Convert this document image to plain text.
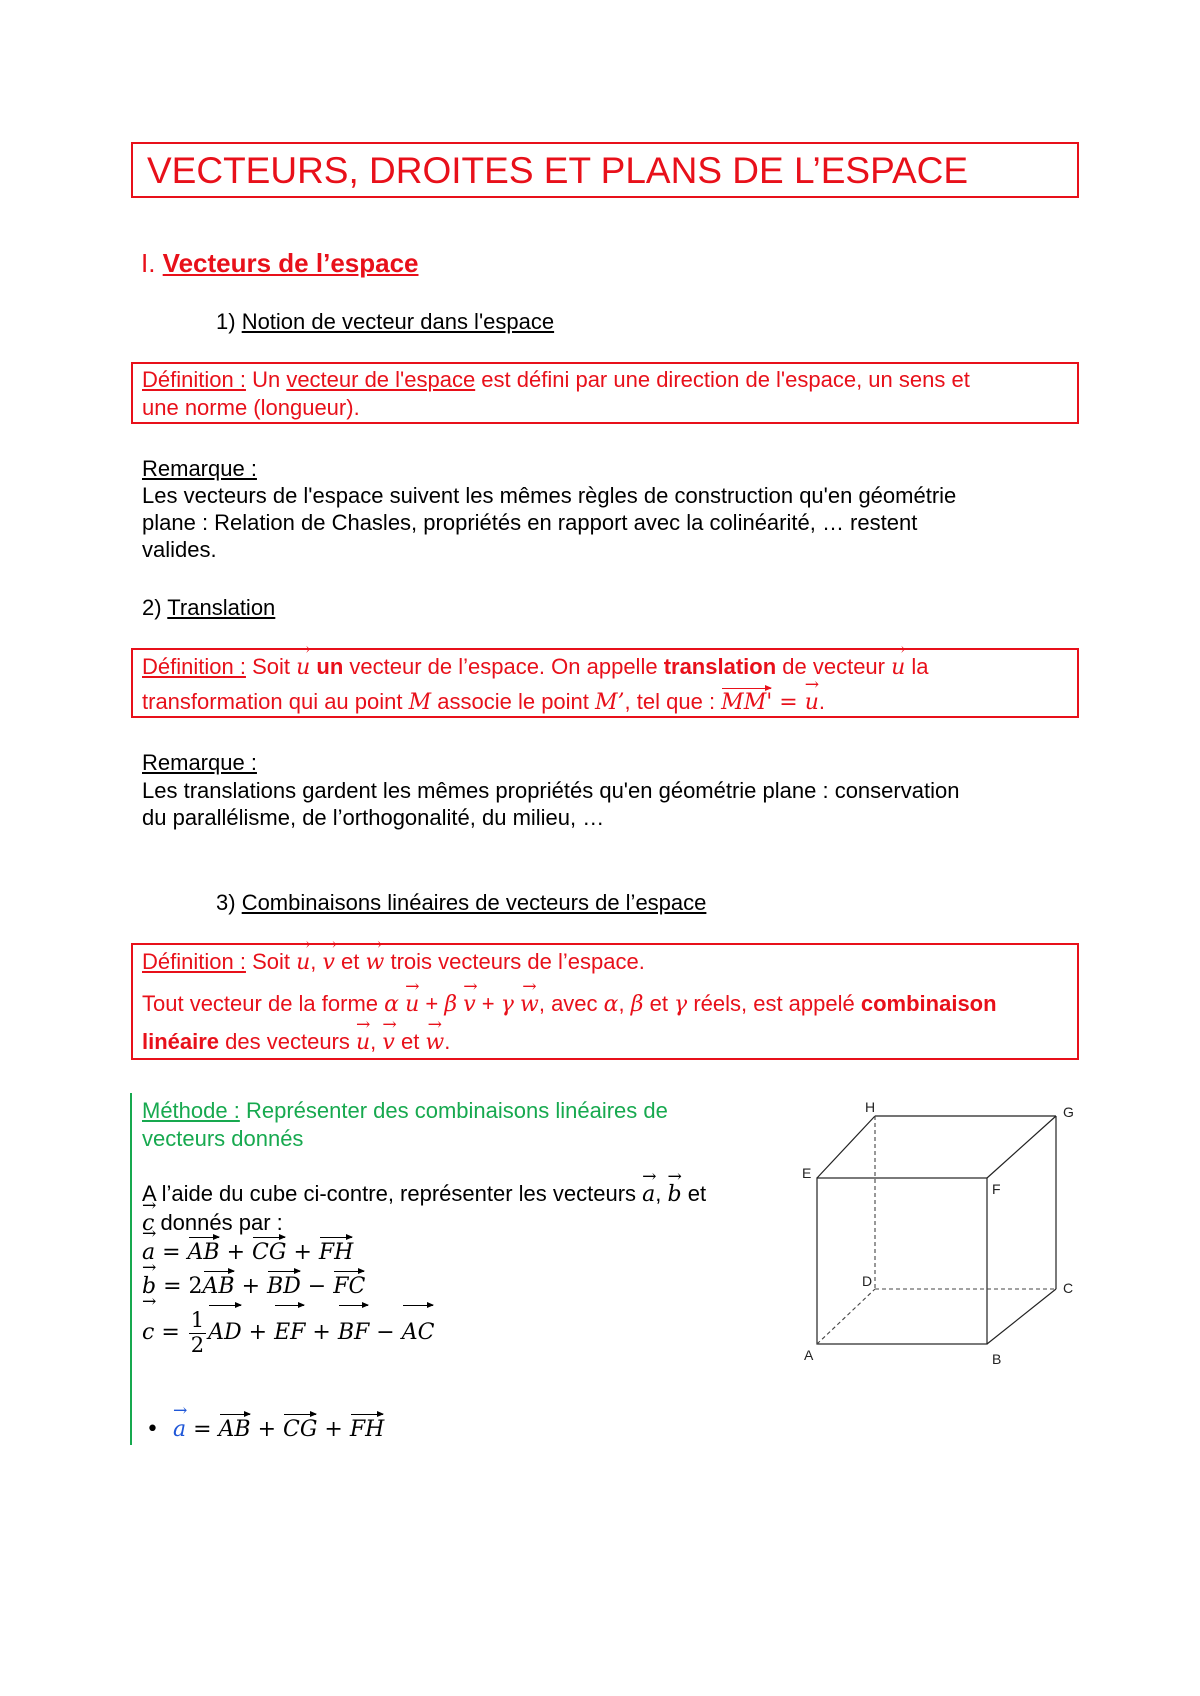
VECTEURS, DROITES ET PLANS DE L’ESPACE
I. Vecteurs de l’espace
1) Notion de vecteur dans l'espace
Définition : Un vecteur de l'espace est défini par une direction de l'espace, un sens et
une norme (longueur).
Remarque :
Les vecteurs de l'espace suivent les mêmes règles de construction qu'en géométrie
plane : Relation de Chasles, propriétés en rapport avec la colinéarité, … restent
valides.
2) Translation
Définition : Soit → u un vecteur de l’espace. On appelle translation de vecteur → u la
transformation qui au point M associe le point M’, tel que : MM' = → u.
Remarque :
Les translations gardent les mêmes propriétés qu'en géométrie plane : conservation
du parallélisme, de l’orthogonalité, du milieu, …
3) Combinaisons linéaires de vecteurs de l’espace
Définition : Soit → u, → v et → w trois vecteurs de l’espace.
Tout vecteur de la forme α → u + β → v + γ → w, avec α, β et γ réels, est appelé combinaison
linéaire des vecteurs → u, → v et → w.
Méthode : Représenter des combinaisons linéaires de
vecteurs donnés
A l’aide du cube ci-contre, représenter les vecteurs → a, → b et
→ c donnés par :
→ a = AB + CG + FH
→ b = 2AB + BD − FC
→ $c = \frac{1}{2}$ AD + EF + BF − AC
• → a = AB + CG + FH
H	G
E
F
D	C
A	B
